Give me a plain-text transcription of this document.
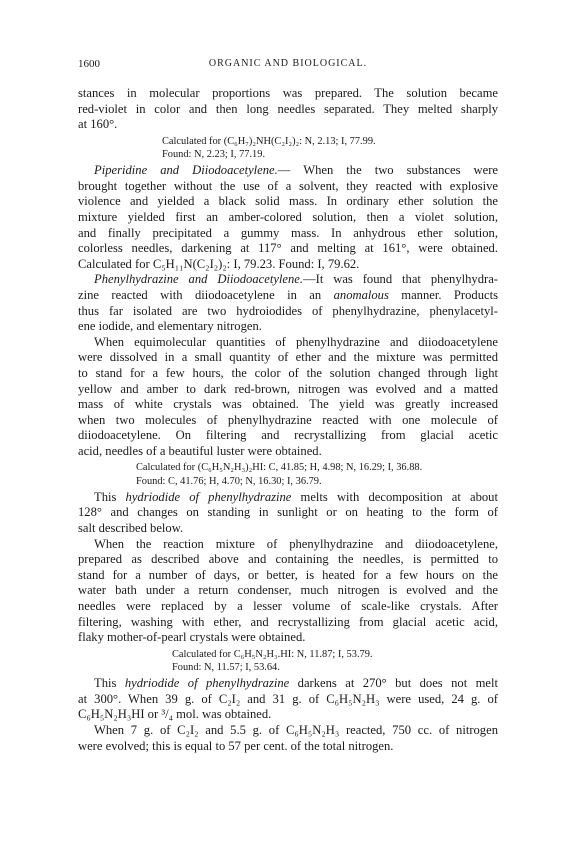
1600	ORGANIC AND BIOLOGICAL.
stances in molecular proportions was prepared. The solution became
red-violet in color and then long needles separated. They melted sharply
at 160°.
Calculated for (C₆H₇)₂NH(C₂I₂)₂: N, 2.13; I, 77.99.
Found: N, 2.23; I, 77.19.
Piperidine and Diiodoacetylene.— When the two substances were
brought together without the use of a solvent, they reacted with explosive
violence and yielded a black solid mass. In ordinary ether solution the
mixture yielded first an amber-colored solution, then a violet solution,
and finally precipitated a gummy mass. In anhydrous ether solution,
colorless needles, darkening at 117° and melting at 161°, were obtained.
Calculated for C₅H₁₁N(C₂I₂)₂: I, 79.23. Found: I, 79.62.
Phenylhydrazine and Diiodoacetylene.—It was found that phenylhydra-
zine reacted with diiodoacetylene in an anomalous manner. Products
thus far isolated are two hydroiodides of phenylhydrazine, phenylacetyl-
ene iodide, and elementary nitrogen.
When equimolecular quantities of phenylhydrazine and diiodoacetylene
were dissolved in a small quantity of ether and the mixture was permitted
to stand for a few hours, the color of the solution changed through light
yellow and amber to dark red-brown, nitrogen was evolved and a matted
mass of white crystals was obtained. The yield was greatly increased
when two molecules of phenylhydrazine reacted with one molecule of
diiodoacetylene. On filtering and recrystallizing from glacial acetic
acid, needles of a beautiful luster were obtained.
Calculated for (C₆H₅N₂H₃)₂HI: C, 41.85; H, 4.98; N, 16.29; I, 36.88.
Found: C, 41.76; H, 4.70; N, 16.30; I, 36.79.
This hydriodide of phenylhydrazine melts with decomposition at about
128° and changes on standing in sunlight or on heating to the form of
salt described below.
When the reaction mixture of phenylhydrazine and diiodoacetylene,
prepared as described above and containing the needles, is permitted to
stand for a number of days, or better, is heated for a few hours on the
water bath under a return condenser, much nitrogen is evolved and the
needles were replaced by a lesser volume of scale-like crystals. After
filtering, washing with ether, and recrystallizing from glacial acetic acid,
flaky mother-of-pearl crystals were obtained.
Calculated for C₆H₅N₂H₃.HI: N, 11.87; I, 53.79.
Found: N, 11.57; I, 53.64.
This hydriodide of phenylhydrazine darkens at 270° but does not melt
at 300°. When 39 g. of C₂I₂ and 31 g. of C₆H₅N₂H₃ were used, 24 g. of
C₆H₅N₂H₃HI or ³/₄ mol. was obtained.
When 7 g. of C₂I₂ and 5.5 g. of C₆H₅N₂H₃ reacted, 750 cc. of nitrogen
were evolved; this is equal to 57 per cent. of the total nitrogen.
